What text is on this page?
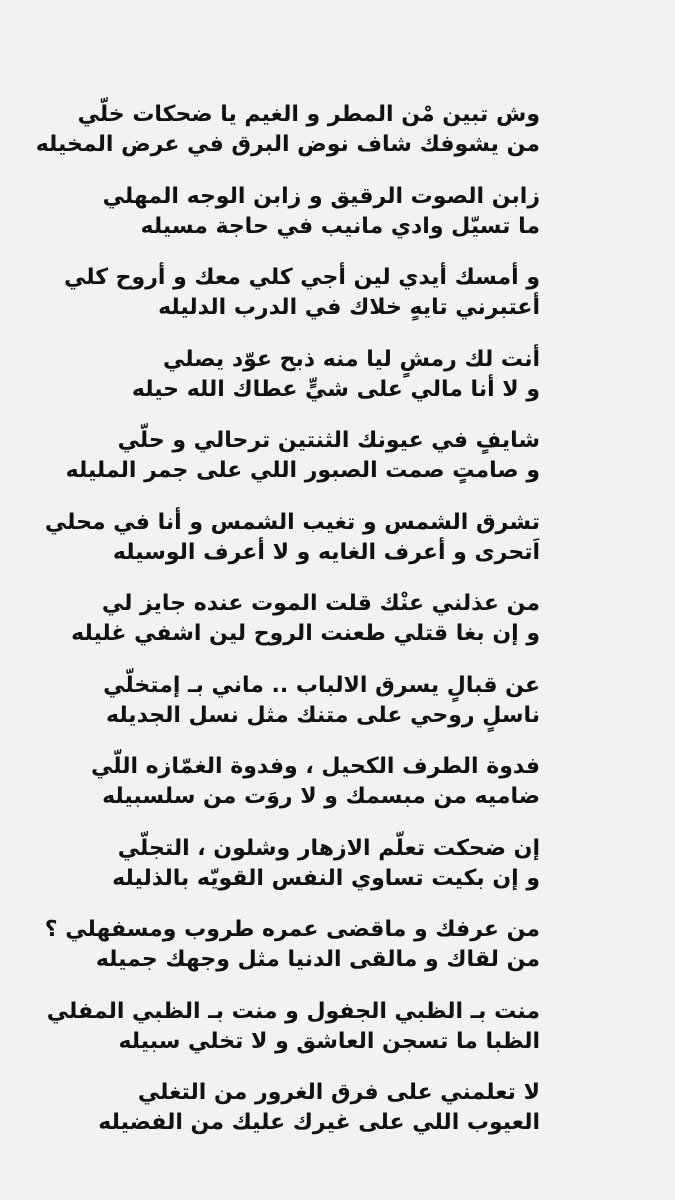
وش تبين مْن المطر و الغيم يا ضحكات خلّي
من يشوفك شاف نوض البرق في عرض المخيله
زابن الصوت الرقيق و زابن الوجه المهلي
ما تسيّل وادي مانيب في حاجة مسيله
و أمسك أيدي لين أجي كلي معك و أروح كلي
أعتبرني تايهٍ خلاك في الدرب الدليله
أنت لك رمشٍ ليا منه ذبح عوّد يصلي
و لا أنا مالي على شيٍّ عطاك الله حيله
شايفٍ في عيونك الثنتين ترحالي و حلّي
و صامتٍ صمت الصبور اللي على جمر المليله
تشرق الشمس و تغيب الشمس و أنا في محلي
اَتحرى و أعرف الغايه و لا أعرف الوسيله
من عذلني عنْك قلت الموت عنده جايز لي
و إن بغا قتلي طعنت الروح لين اشفي غليله
عن قبالٍ يسرق الالباب .. ماني بـ إمتخلّي
ناسلٍ روحي على متنك مثل نسل الجديله
فدوة الطرف الكحيل ، وفدوة الغمّازه اللّي
ضاميه من مبسمك و لا روَت من سلسبيله
إن ضحكت تعلّم الازهار وشلون ، التجلّي
و إن بكيت تساوي النفس القويّه بالذليله
من عرفك و ماقضى عمره طروب ومسفهلي ؟
من لقاك و مالقى الدنيا مثل وجهك جميله
منت بـ الظبي الجفول و منت بـ الظبي المفلي
الظبا ما تسجن العاشق و لا تخلي سبيله
لا تعلمني على فرق الغرور من التغلي
العيوب اللي على غيرك عليك من الفضيله
